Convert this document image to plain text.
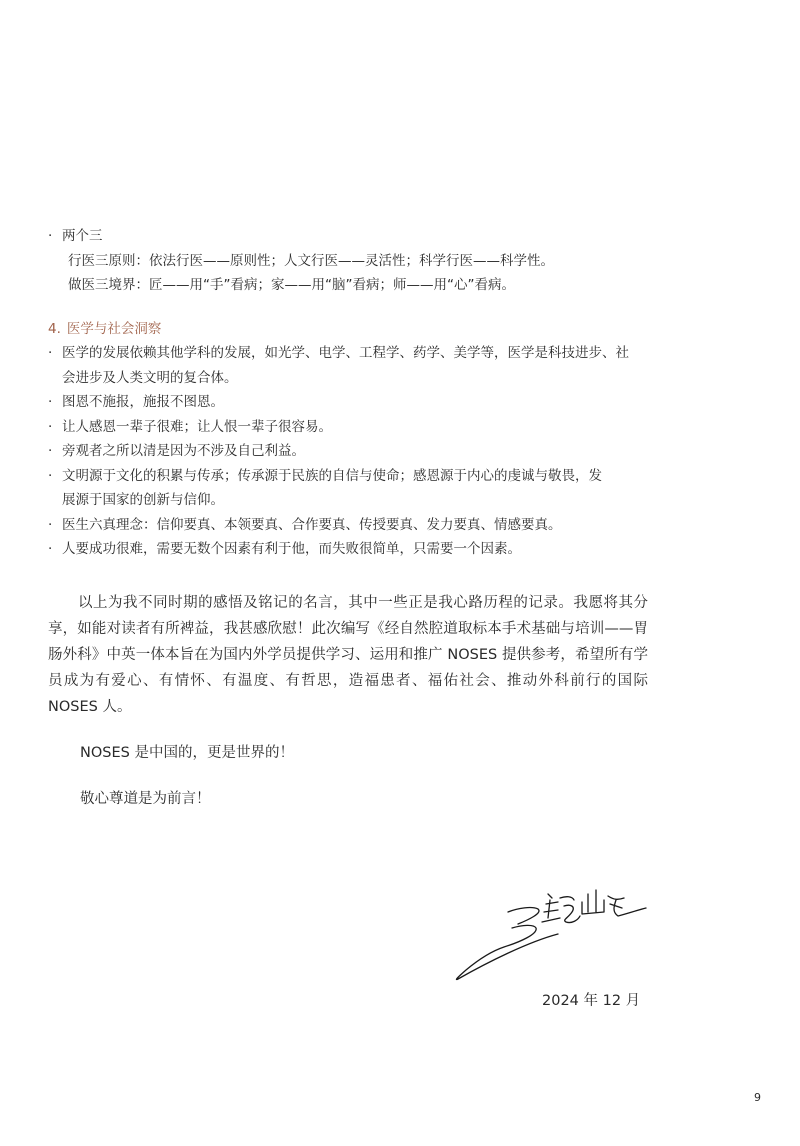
· 两个三
行医三原则：依法行医——原则性；人文行医——灵活性；科学行医——科学性。
做医三境界：匠——用“手”看病；家——用“脑”看病；师——用“心”看病。
4. 医学与社会洞察
· 医学的发展依赖其他学科的发展，如光学、电学、工程学、药学、美学等，医学是科技进步、社
会进步及人类文明的复合体。
· 图恩不施报，施报不图恩。
· 让人感恩一辈子很难；让人恨一辈子很容易。
· 旁观者之所以清是因为不涉及自己利益。
· 文明源于文化的积累与传承；传承源于民族的自信与使命；感恩源于内心的虔诚与敬畏，发
展源于国家的创新与信仰。
· 医生六真理念：信仰要真、本领要真、合作要真、传授要真、发力要真、情感要真。
· 人要成功很难，需要无数个因素有利于他，而失败很简单，只需要一个因素。
以上为我不同时期的感悟及铭记的名言，其中一些正是我心路历程的记录。我愿将其分享，如能对读者有所裨益，我甚感欣慰！此次编写《经自然腔道取标本手术基础与培训——胃肠外科》中英一体本旨在为国内外学员提供学习、运用和推广 NOSES 提供参考，希望所有学员成为有爱心、有情怀、有温度、有哲思，造福患者、福佑社会、推动外科前行的国际 NOSES 人。
NOSES 是中国的，更是世界的！
敬心尊道是为前言！
2024 年 12 月
9
